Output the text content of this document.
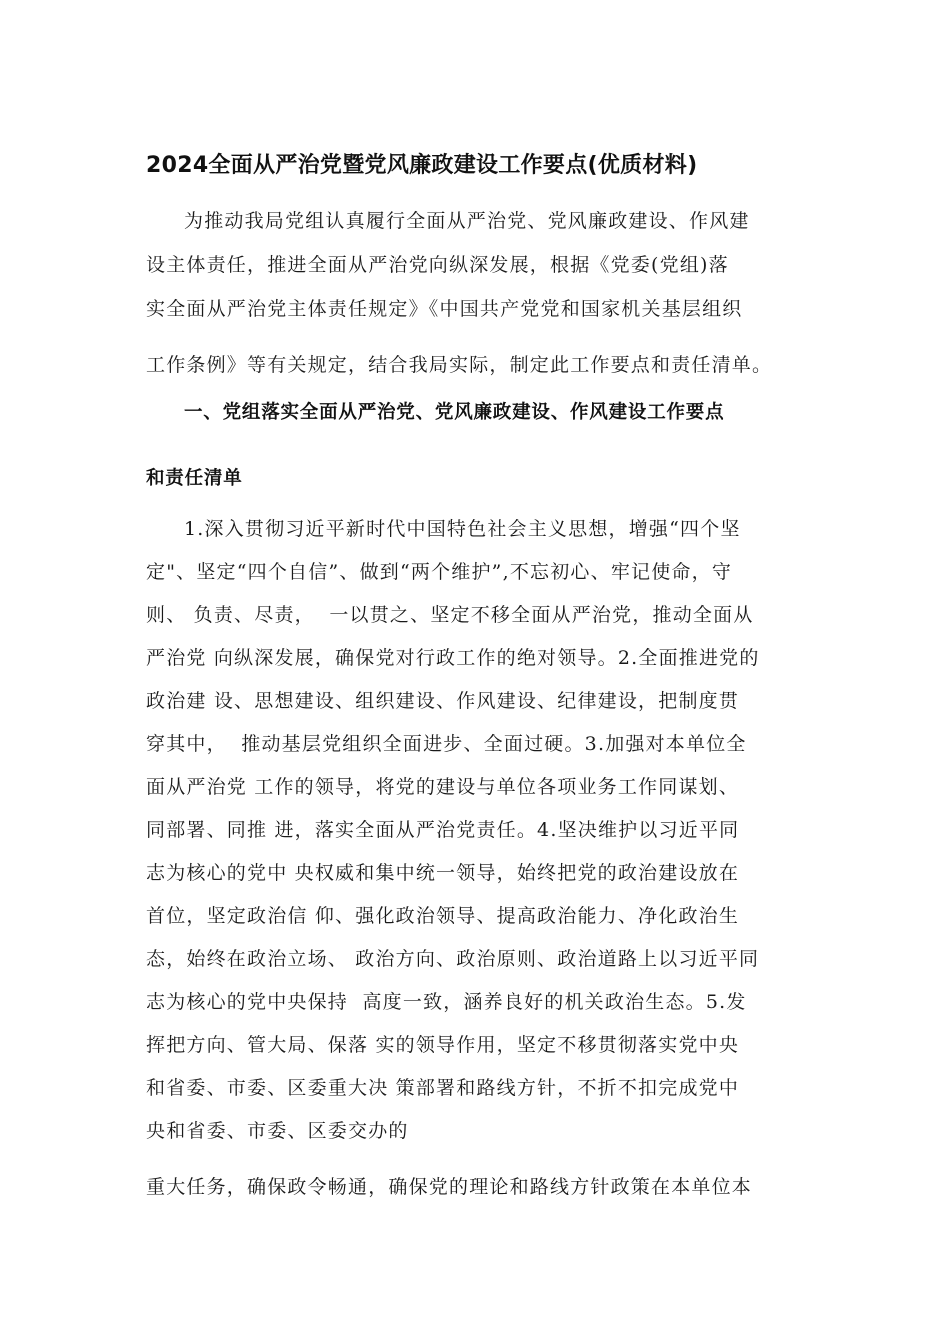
2024全面从严治党暨党风廉政建设工作要点(优质材料)
为推动我局党组认真履行全面从严治党、党风廉政建设、作风建
设主体责任，推进全面从严治党向纵深发展，根据《党委(党组)落
实全面从严治党主体责任规定》《中国共产党党和国家机关基层组织
工作条例》等有关规定，结合我局实际，制定此工作要点和责任清单。
一、党组落实全面从严治党、党风廉政建设、作风建设工作要点
和责任清单
1.深入贯彻习近平新时代中国特色社会主义思想，增强“四个坚
定"、坚定“四个自信”、做到“两个维护”,不忘初心、牢记使命，守
则、 负责、尽责，  一以贯之、坚定不移全面从严治党，推动全面从
严治党 向纵深发展，确保党对行政工作的绝对领导。2.全面推进党的
政治建 设、思想建设、组织建设、作风建设、纪律建设，把制度贯
穿其中，  推动基层党组织全面进步、全面过硬。3.加强对本单位全
面从严治党 工作的领导，将党的建设与单位各项业务工作同谋划、
同部署、同推 进，落实全面从严治党责任。4.坚决维护以习近平同
志为核心的党中 央权威和集中统一领导，始终把党的政治建设放在
首位，坚定政治信 仰、强化政治领导、提高政治能力、净化政治生
态，始终在政治立场、 政治方向、政治原则、政治道路上以习近平同
志为核心的党中央保持  高度一致，涵养良好的机关政治生态。5.发
挥把方向、管大局、保落 实的领导作用，坚定不移贯彻落实党中央
和省委、市委、区委重大决 策部署和路线方针，不折不扣完成党中
央和省委、市委、区委交办的
重大任务，确保政令畅通，确保党的理论和路线方针政策在本单位本
